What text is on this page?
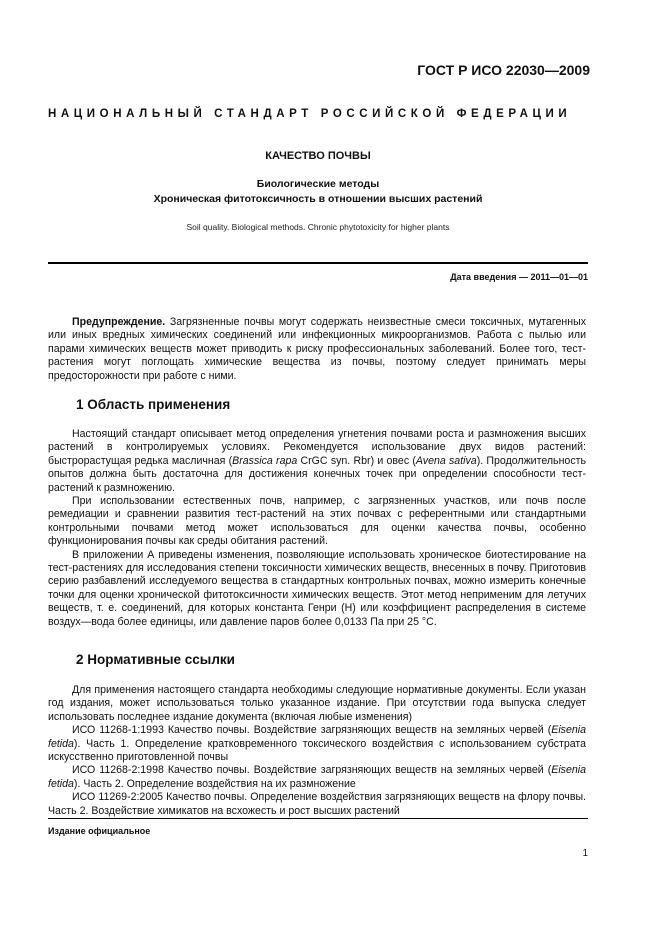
ГОСТ Р ИСО 22030—2009
НАЦИОНАЛЬНЫЙ СТАНДАРТ РОССИЙСКОЙ ФЕДЕРАЦИИ
КАЧЕСТВО ПОЧВЫ
Биологические методы
Хроническая фитотоксичность в отношении высших растений
Soil quality. Biological methods. Chronic phytotoxicity for higher plants
Дата введения — 2011—01—01

Предупреждение. Загрязненные почвы могут содержать неизвестные смеси токсичных, мутагенных или иных вредных химических соединений или инфекционных микроорганизмов. Работа с пылью или парами химических веществ может приводить к риску профессиональных заболеваний. Более того, тест-растения могут поглощать химические вещества из почвы, поэтому следует принимать меры предосторожности при работе с ними.

1 Область применения

Настоящий стандарт описывает метод определения угнетения почвами роста и размножения высших растений в контролируемых условиях. Рекомендуется использование двух видов растений: быстрорастущая редька масличная (Brassica rapa CrGC syn. Rbr) и овес (Avena sativa). Продолжительность опытов должна быть достаточна для достижения конечных точек при определении способности тест-растений к размножению.

При использовании естественных почв, например, с загрязненных участков, или почв после ремедиации и сравнении развития тест-растений на этих почвах с референтными или стандартными контрольными почвами метод может использоваться для оценки качества почвы, особенно функционирования почвы как среды обитания растений.

В приложении А приведены изменения, позволяющие использовать хроническое биотестирование на тест-растениях для исследования степени токсичности химических веществ, внесенных в почву. Приготовив серию разбавлений исследуемого вещества в стандартных контрольных почвах, можно измерить конечные точки для оценки хронической фитотоксичности химических веществ. Этот метод неприменим для летучих веществ, т. е. соединений, для которых константа Генри (Н) или коэффициент распределения в системе воздух—вода более единицы, или давление паров более 0,0133 Па при 25 °С.

2 Нормативные ссылки

Для применения настоящего стандарта необходимы следующие нормативные документы. Если указан год издания, может использоваться только указанное издание. При отсутствии года выпуска следует использовать последнее издание документа (включая любые изменения)

ИСО 11268-1:1993 Качество почвы. Воздействие загрязняющих веществ на земляных червей (Eisenia fetida). Часть 1. Определение кратковременного токсического воздействия с использованием субстрата искусственно приготовленной почвы

ИСО 11268-2:1998 Качество почвы. Воздействие загрязняющих веществ на земляных червей (Eisenia fetida). Часть 2. Определение воздействия на их размножение

ИСО 11269-2:2005 Качество почвы. Определение воздействия загрязняющих веществ на флору почвы. Часть 2. Воздействие химикатов на всхожесть и рост высших растений

Издание официальное
1
